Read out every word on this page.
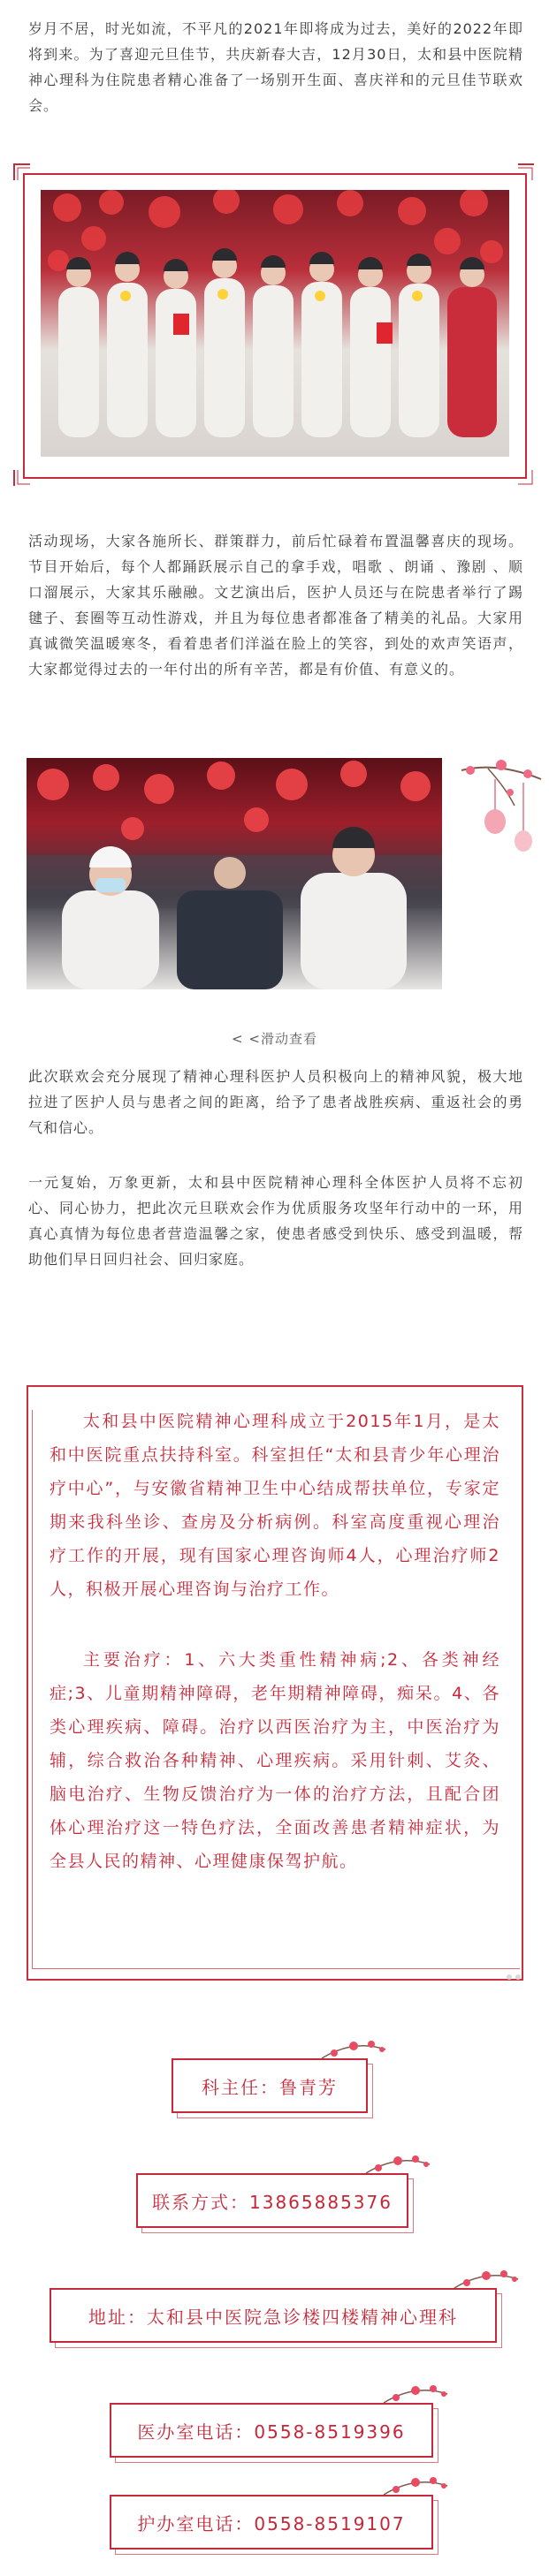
岁月不居，时光如流，不平凡的2021年即将成为过去，美好的2022年即将到来。为了喜迎元旦佳节，共庆新春大吉，12月30日，太和县中医院精神心理科为住院患者精心准备了一场别开生面、喜庆祥和的元旦佳节联欢会。

活动现场，大家各施所长、群策群力，前后忙碌着布置温馨喜庆的现场。节目开始后，每个人都踊跃展示自己的拿手戏，唱歌 、朗诵 、豫剧 、顺口溜展示，大家其乐融融。文艺演出后，医护人员还与在院患者举行了踢毽子、套圈等互动性游戏，并且为每位患者都准备了精美的礼品。大家用真诚微笑温暖寒冬，看着患者们洋溢在脸上的笑容，到处的欢声笑语声，大家都觉得过去的一年付出的所有辛苦，都是有价值、有意义的。

< <滑动查看

此次联欢会充分展现了精神心理科医护人员积极向上的精神风貌，极大地拉进了医护人员与患者之间的距离，给予了患者战胜疾病、重返社会的勇气和信心。

一元复始，万象更新，太和县中医院精神心理科全体医护人员将不忘初心、同心协力，把此次元旦联欢会作为优质服务攻坚年行动中的一环，用真心真情为每位患者营造温馨之家，使患者感受到快乐、感受到温暖，帮助他们早日回归社会、回归家庭。

太和县中医院精神心理科成立于2015年1月，是太和中医院重点扶持科室。科室担任“太和县青少年心理治疗中心”，与安徽省精神卫生中心结成帮扶单位，专家定期来我科坐诊、查房及分析病例。科室高度重视心理治疗工作的开展，现有国家心理咨询师4人，心理治疗师2人，积极开展心理咨询与治疗工作。

主要治疗：1、六大类重性精神病;2、各类神经症;3、儿童期精神障碍，老年期精神障碍，痴呆。4、各类心理疾病、障碍。治疗以西医治疗为主，中医治疗为辅，综合救治各种精神、心理疾病。采用针刺、艾灸、脑电治疗、生物反馈治疗为一体的治疗方法，且配合团体心理治疗这一特色疗法，全面改善患者精神症状，为全县人民的精神、心理健康保驾护航。

科主任：鲁青芳
联系方式：13865885376
地址：太和县中医院急诊楼四楼精神心理科
医办室电话：0558-8519396
护办室电话：0558-8519107
